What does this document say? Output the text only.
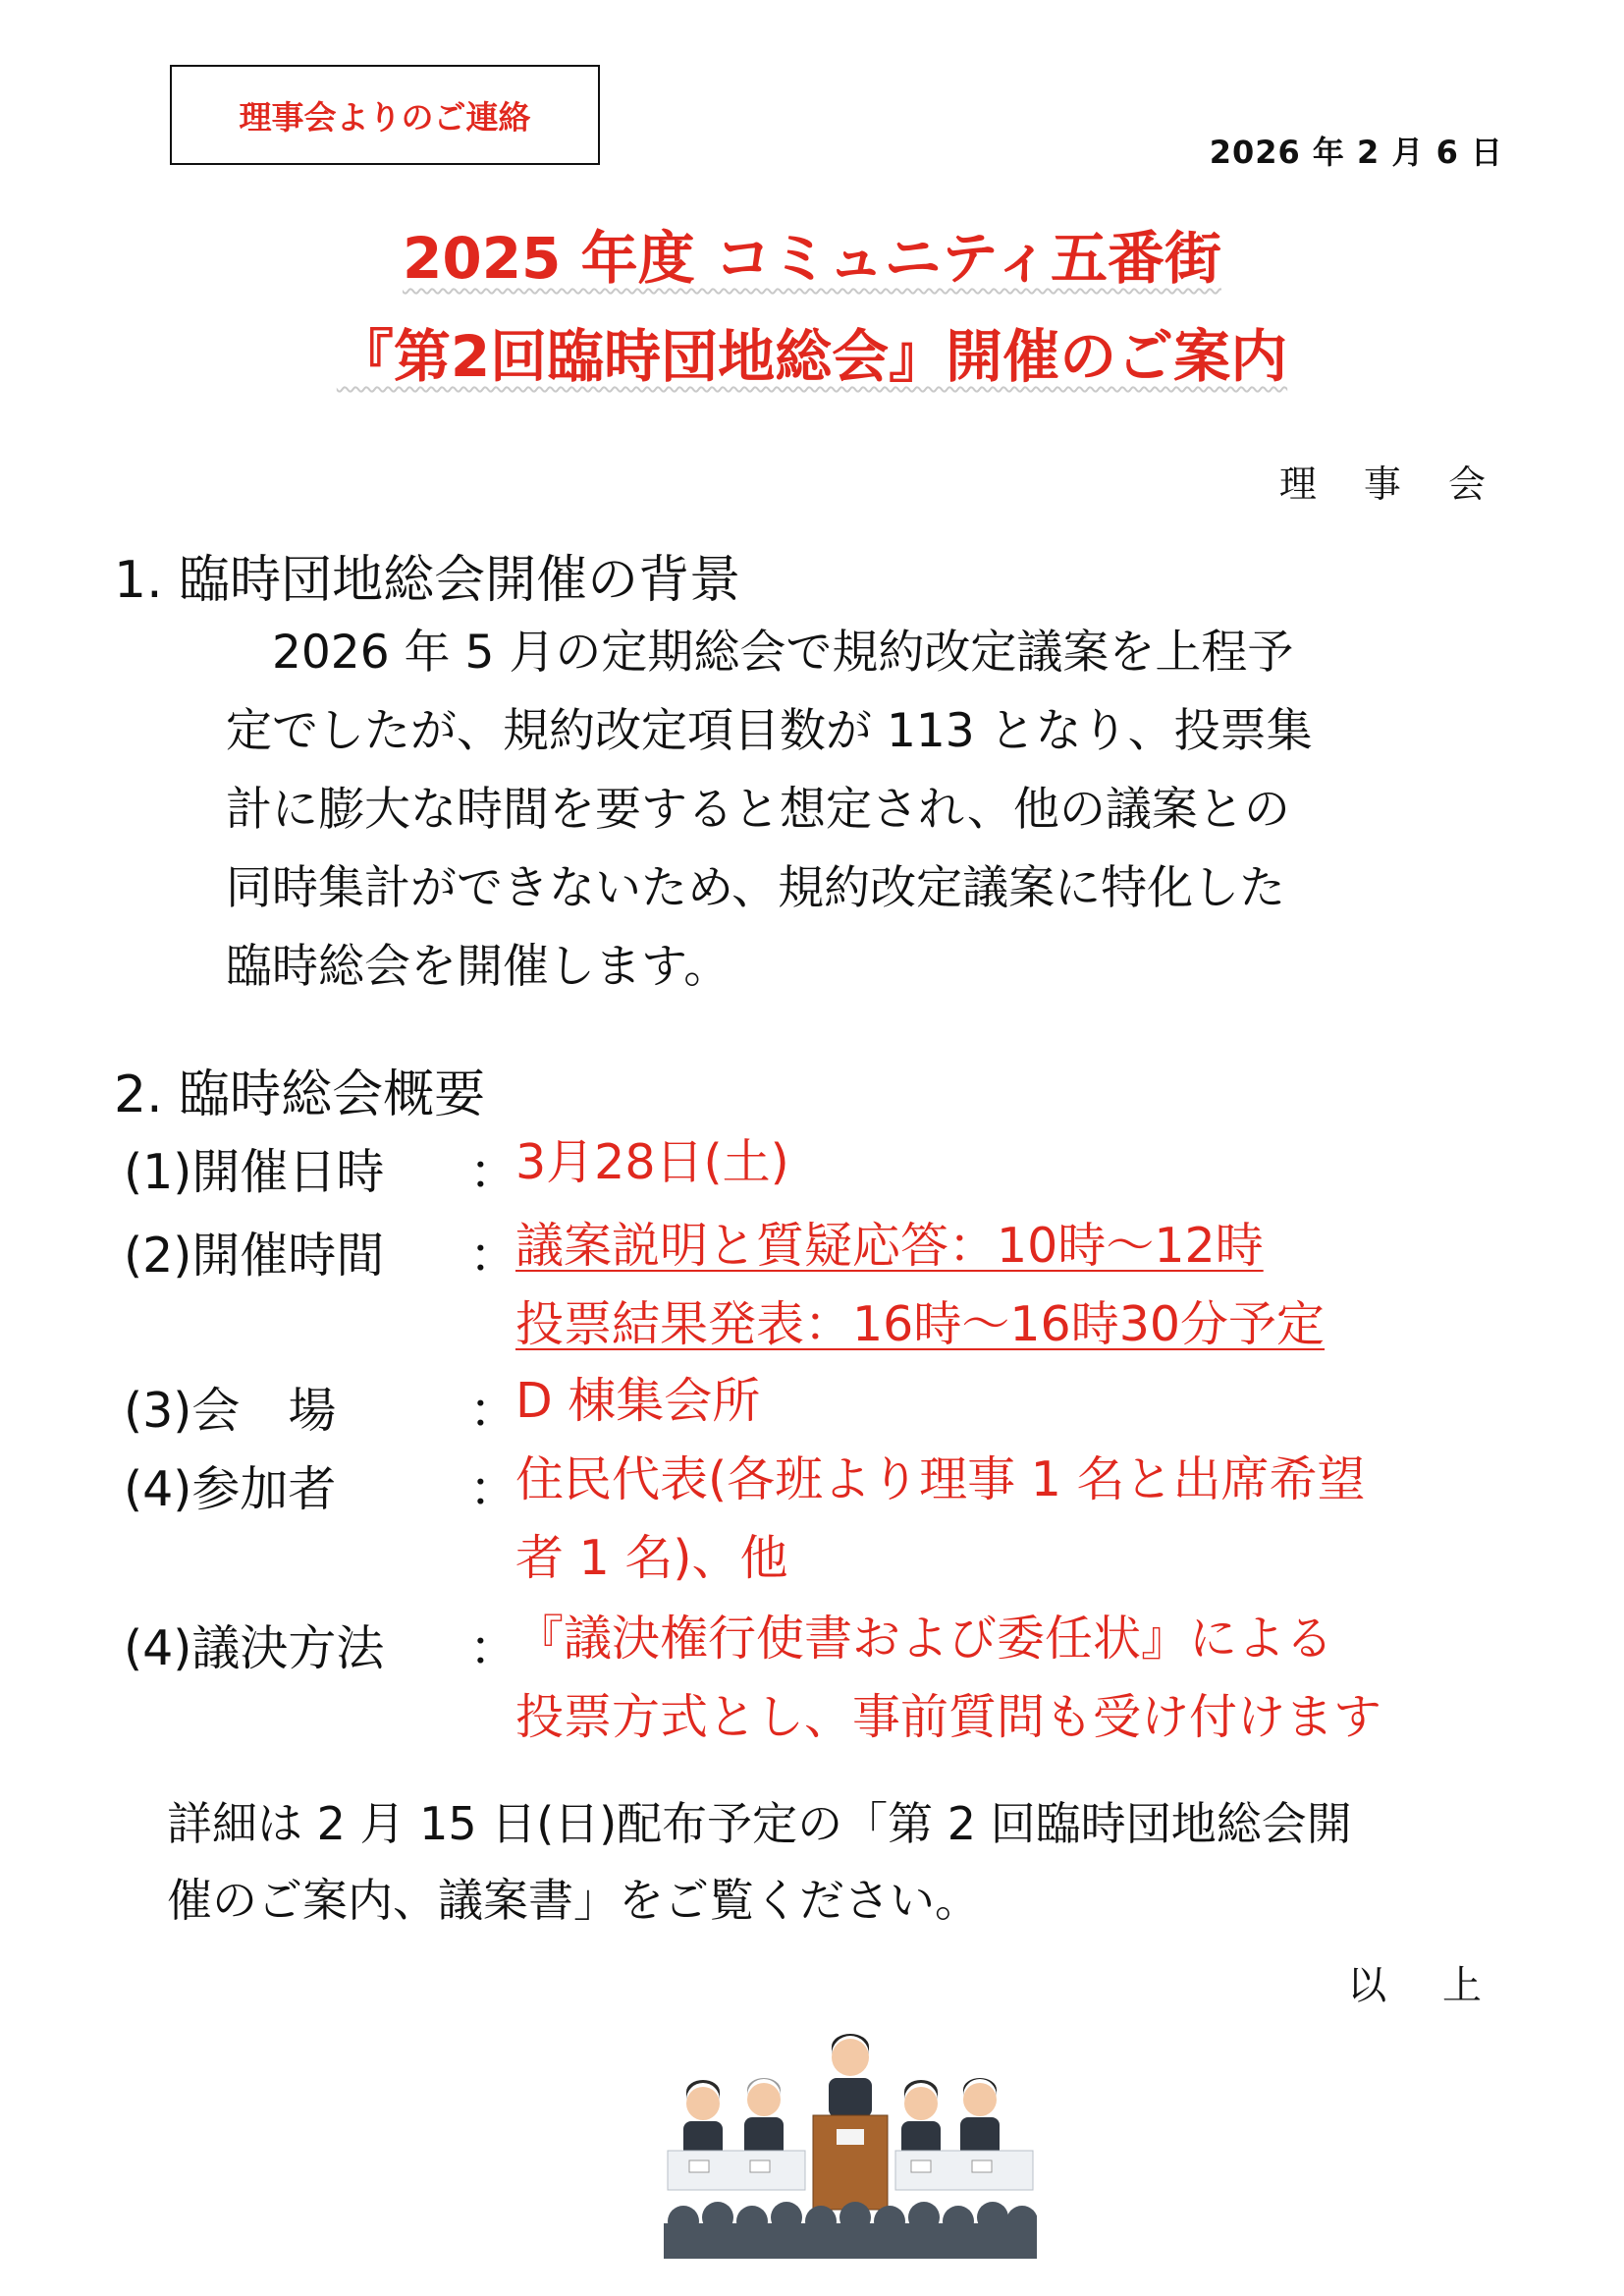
理事会よりのご連絡
2026 年 2 月 6 日
2025 年度 コミュニティ五番街
『第2回臨時団地総会』開催のご案内
理 事 会
1. 臨時団地総会開催の背景
　2026 年 5 月の定期総会で規約改定議案を上程予
定でしたが、規約改定項目数が 113 となり、投票集
計に膨大な時間を要すると想定され、他の議案との
同時集計ができないため、規約改定議案に特化した
臨時総会を開催します。
2. 臨時総会概要
(1)開催日時 ：
3月28日(土)
(2)開催時間 ：
議案説明と質疑応答：10時～12時
投票結果発表：16時～16時30分予定
(3)会　場	：
D 棟集会所
(4)参加者	：
住民代表(各班より理事 1 名と出席希望
者 1 名)、他
(4)議決方法 ：
『議決権行使書および委任状』による
投票方式とし、事前質問も受け付けます
詳細は 2 月 15 日(日)配布予定の「第 2 回臨時団地総会開
催のご案内、議案書」をご覧ください。
以 上
